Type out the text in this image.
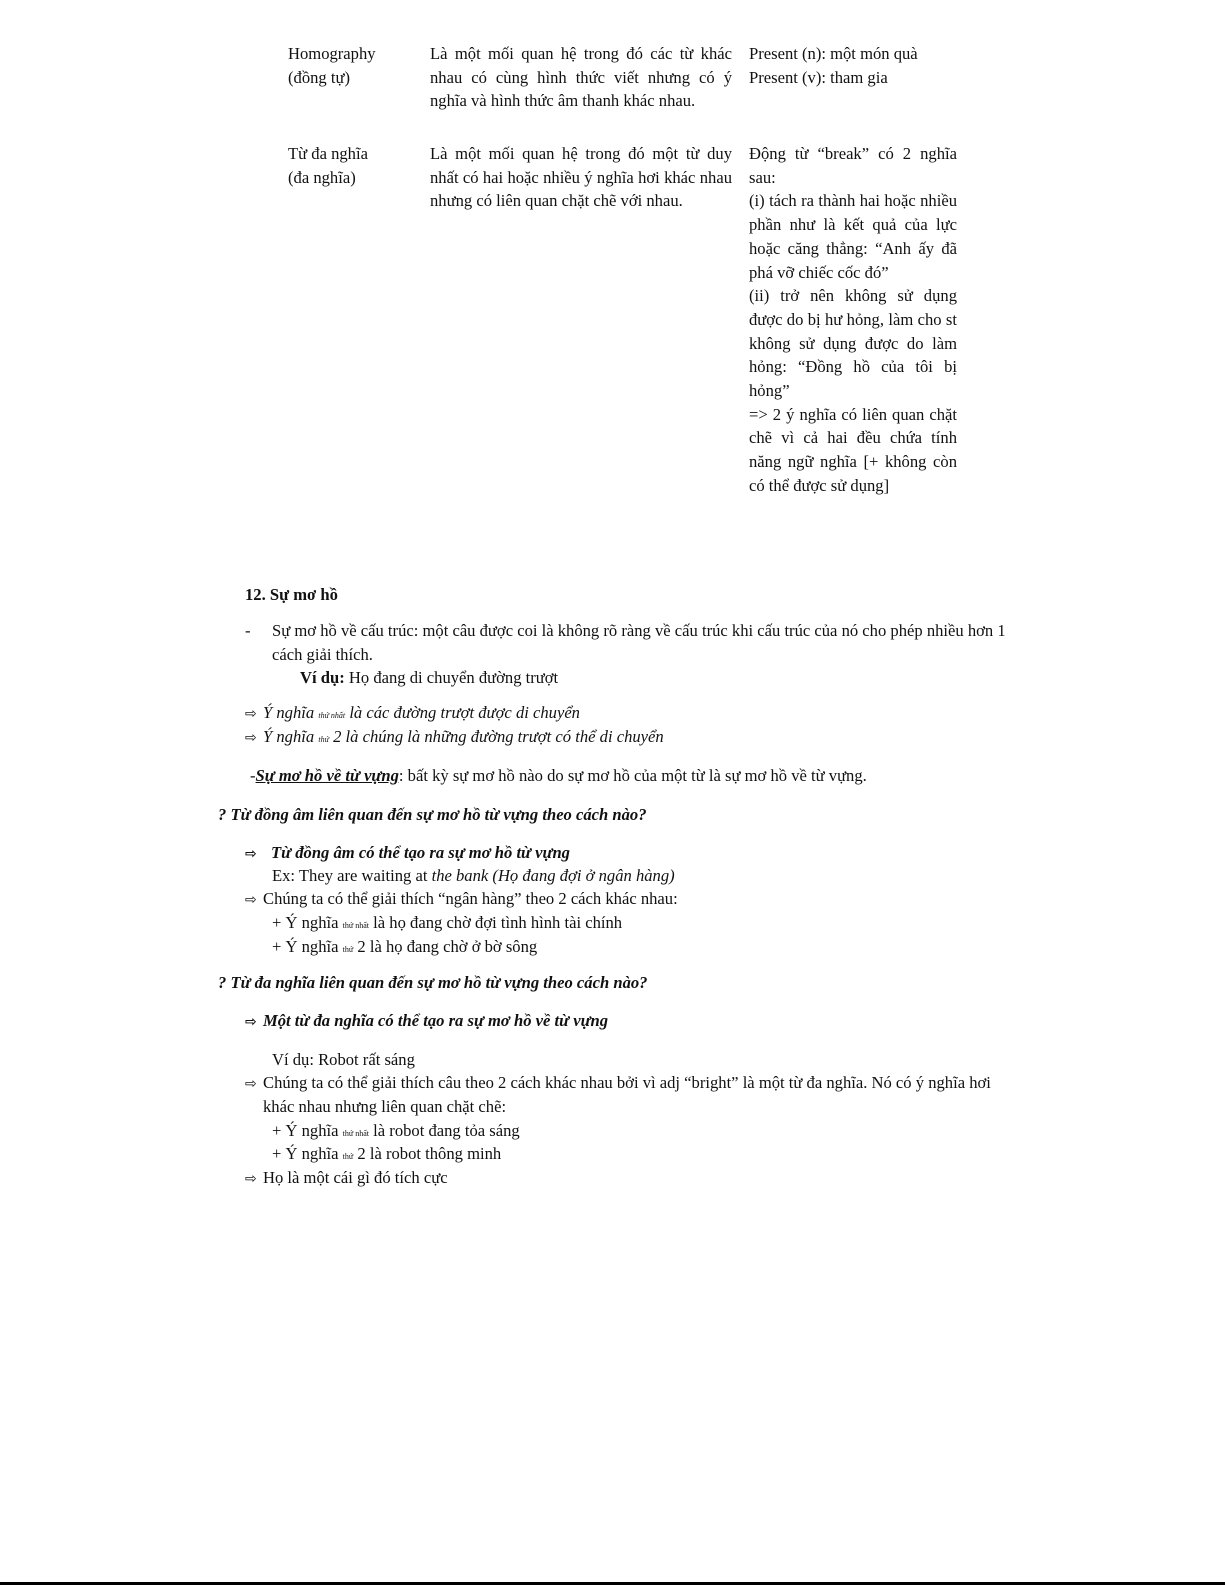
Homography
(đồng tự)
Là một mối quan hệ trong đó các từ khác nhau có cùng hình thức viết nhưng có ý nghĩa và hình thức âm thanh khác nhau.
Present (n): một món quà
Present (v): tham gia
Từ đa nghĩa
(đa nghĩa)
Là một mối quan hệ trong đó một từ duy nhất có hai hoặc nhiều ý nghĩa hơi khác nhau nhưng có liên quan chặt chẽ với nhau.
Động từ “break” có 2 nghĩa sau:
(i) tách ra thành hai hoặc nhiều phần như là kết quả của lực hoặc căng thẳng: “Anh ấy đã phá vỡ chiếc cốc đó”
(ii) trở nên không sử dụng được do bị hư hỏng, làm cho st không sử dụng được do làm hỏng: “Đồng hồ của tôi bị hỏng”
=> 2 ý nghĩa có liên quan chặt chẽ vì cả hai đều chứa tính năng ngữ nghĩa [+ không còn có thể được sử dụng]
12. Sự mơ hồ
- Sự mơ hồ về cấu trúc: một câu được coi là không rõ ràng về cấu trúc khi cấu trúc của nó cho phép nhiều hơn 1 cách giải thích.
Ví dụ: Họ đang di chuyển đường trượt
⇨ Ý nghĩa thứ nhất là các đường trượt được di chuyển
⇨ Ý nghĩa thứ 2 là chúng là những đường trượt có thể di chuyển
-Sự mơ hồ về từ vựng: bất kỳ sự mơ hồ nào do sự mơ hồ của một từ là sự mơ hồ về từ vựng.
? Từ đồng âm liên quan đến sự mơ hồ từ vựng theo cách nào?
⇨ Từ đồng âm có thể tạo ra sự mơ hồ từ vựng
Ex: They are waiting at the bank (Họ đang đợi ở ngân hàng)
⇨ Chúng ta có thể giải thích “ngân hàng” theo 2 cách khác nhau:
+ Ý nghĩa thứ nhất là họ đang chờ đợi tình hình tài chính
+ Ý nghĩa thứ 2 là họ đang chờ ở bờ sông
? Từ đa nghĩa liên quan đến sự mơ hồ từ vựng theo cách nào?
⇨ Một từ đa nghĩa có thể tạo ra sự mơ hồ về từ vựng
Ví dụ: Robot rất sáng
⇨ Chúng ta có thể giải thích câu theo 2 cách khác nhau bởi vì adj “bright” là một từ đa nghĩa. Nó có ý nghĩa hơi khác nhau nhưng liên quan chặt chẽ:
+ Ý nghĩa thứ nhất là robot đang tỏa sáng
+ Ý nghĩa thứ 2 là robot thông minh
⇨ Họ là một cái gì đó tích cực
